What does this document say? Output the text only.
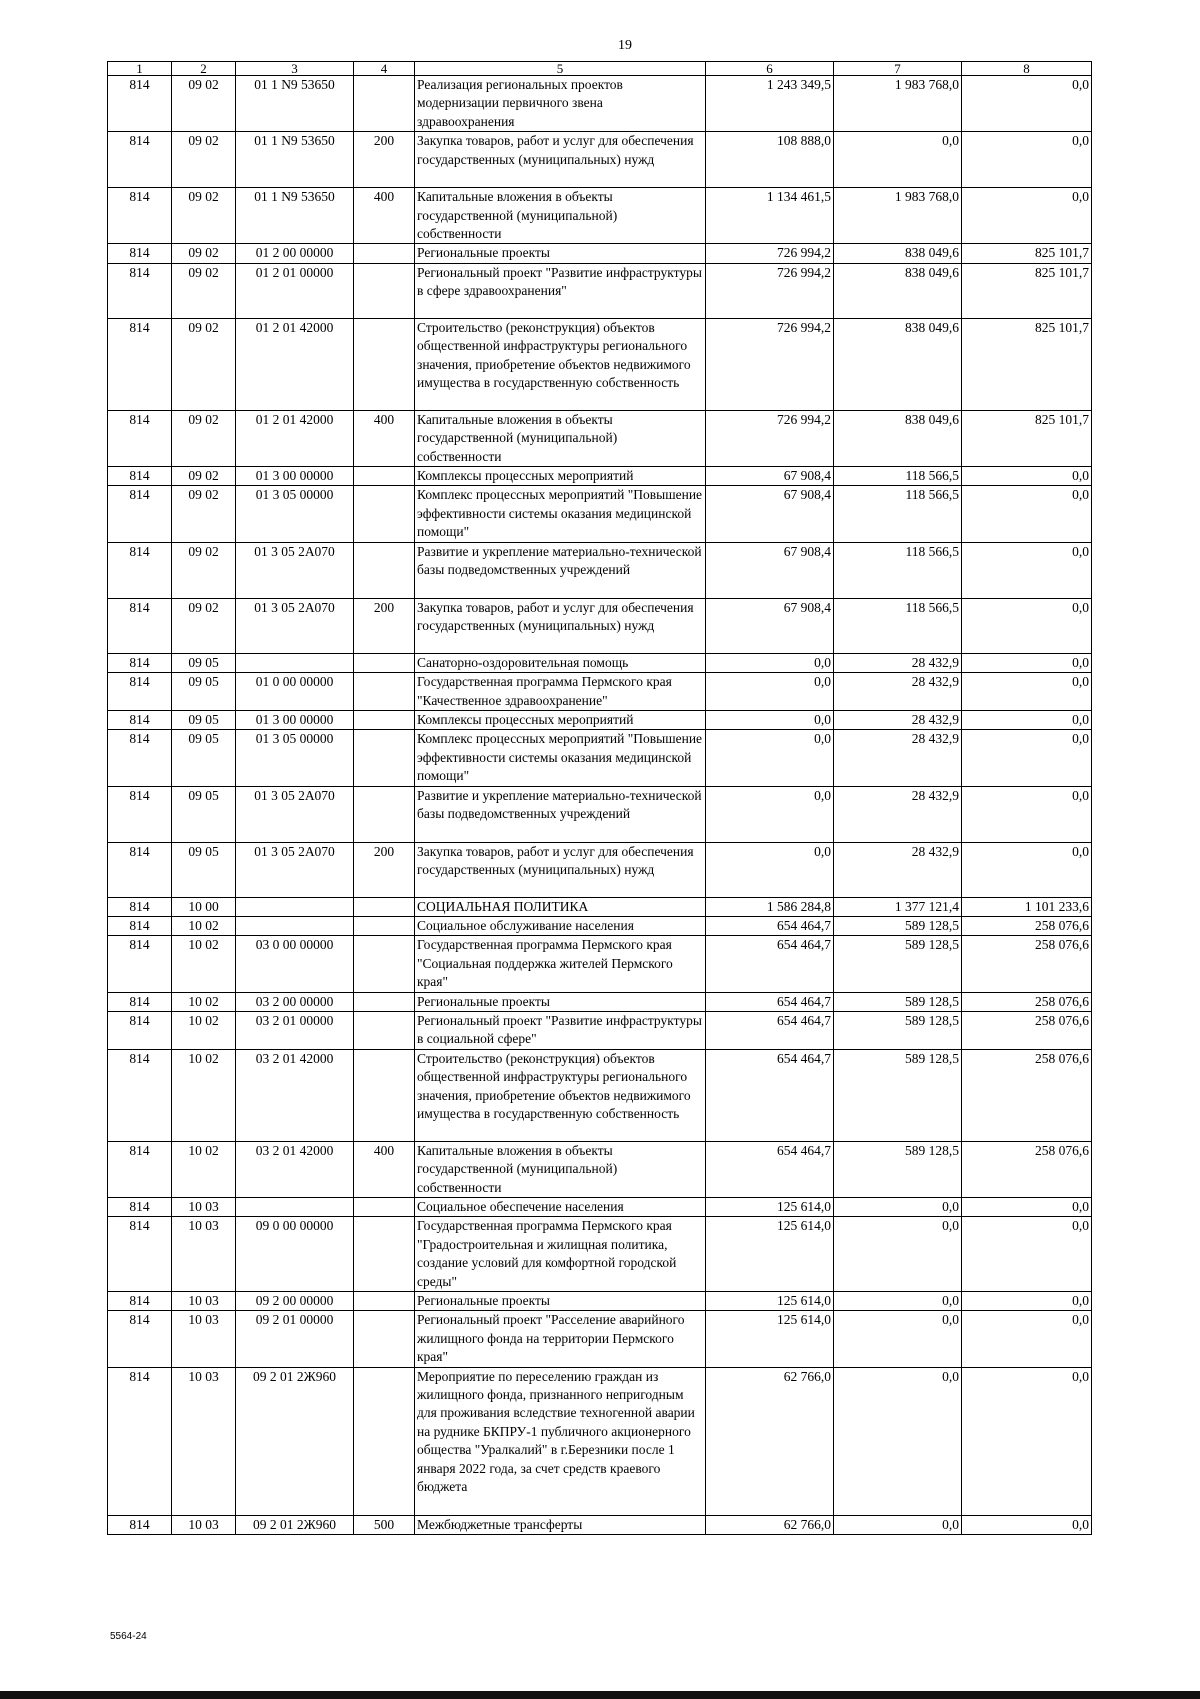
19
1	2	3	4	5	6	7	8
814	09 02	01 1 N9 53650		Реализация региональных проектов модернизации первичного звена здравоохранения	1 243 349,5	1 983 768,0	0,0
814	09 02	01 1 N9 53650	200	Закупка товаров, работ и услуг для обеспечения государственных (муниципальных) нужд	108 888,0	0,0	0,0
814	09 02	01 1 N9 53650	400	Капитальные вложения в объекты государственной (муниципальной) собственности	1 134 461,5	1 983 768,0	0,0
814	09 02	01 2 00 00000		Региональные проекты	726 994,2	838 049,6	825 101,7
814	09 02	01 2 01 00000		Региональный проект "Развитие инфраструктуры в сфере здравоохранения"	726 994,2	838 049,6	825 101,7
814	09 02	01 2 01 42000		Строительство (реконструкция) объектов общественной инфраструктуры регионального значения, приобретение объектов недвижимого имущества в государственную собственность	726 994,2	838 049,6	825 101,7
814	09 02	01 2 01 42000	400	Капитальные вложения в объекты государственной (муниципальной) собственности	726 994,2	838 049,6	825 101,7
814	09 02	01 3 00 00000		Комплексы процессных мероприятий	67 908,4	118 566,5	0,0
814	09 02	01 3 05 00000		Комплекс процессных мероприятий "Повышение эффективности системы оказания медицинской помощи"	67 908,4	118 566,5	0,0
814	09 02	01 3 05 2А070		Развитие и укрепление материально-технической базы подведомственных учреждений	67 908,4	118 566,5	0,0
814	09 02	01 3 05 2А070	200	Закупка товаров, работ и услуг для обеспечения государственных (муниципальных) нужд	67 908,4	118 566,5	0,0
814	09 05			Санаторно-оздоровительная помощь	0,0	28 432,9	0,0
814	09 05	01 0 00 00000		Государственная программа Пермского края "Качественное здравоохранение"	0,0	28 432,9	0,0
814	09 05	01 3 00 00000		Комплексы процессных мероприятий	0,0	28 432,9	0,0
814	09 05	01 3 05 00000		Комплекс процессных мероприятий "Повышение эффективности системы оказания медицинской помощи"	0,0	28 432,9	0,0
814	09 05	01 3 05 2А070		Развитие и укрепление материально-технической базы подведомственных учреждений	0,0	28 432,9	0,0
814	09 05	01 3 05 2А070	200	Закупка товаров, работ и услуг для обеспечения государственных (муниципальных) нужд	0,0	28 432,9	0,0
814	10 00			СОЦИАЛЬНАЯ ПОЛИТИКА	1 586 284,8	1 377 121,4	1 101 233,6
814	10 02			Социальное обслуживание населения	654 464,7	589 128,5	258 076,6
814	10 02	03 0 00 00000		Государственная программа Пермского края "Социальная поддержка жителей Пермского края"	654 464,7	589 128,5	258 076,6
814	10 02	03 2 00 00000		Региональные проекты	654 464,7	589 128,5	258 076,6
814	10 02	03 2 01 00000		Региональный проект "Развитие инфраструктуры в социальной сфере"	654 464,7	589 128,5	258 076,6
814	10 02	03 2 01 42000		Строительство (реконструкция) объектов общественной инфраструктуры регионального значения, приобретение объектов недвижимого имущества в государственную собственность	654 464,7	589 128,5	258 076,6
814	10 02	03 2 01 42000	400	Капитальные вложения в объекты государственной (муниципальной) собственности	654 464,7	589 128,5	258 076,6
814	10 03			Социальное обеспечение населения	125 614,0	0,0	0,0
814	10 03	09 0 00 00000		Государственная программа Пермского края "Градостроительная и жилищная политика, создание условий для комфортной городской среды"	125 614,0	0,0	0,0
814	10 03	09 2 00 00000		Региональные проекты	125 614,0	0,0	0,0
814	10 03	09 2 01 00000		Региональный проект "Расселение аварийного жилищного фонда на территории Пермского края"	125 614,0	0,0	0,0
814	10 03	09 2 01 2Ж960		Мероприятие по переселению граждан из жилищного фонда, признанного непригодным для проживания вследствие техногенной аварии на руднике БКПРУ-1 публичного акционерного общества "Уралкалий" в г.Березники после 1 января 2022 года, за счет средств краевого бюджета	62 766,0	0,0	0,0
814	10 03	09 2 01 2Ж960	500	Межбюджетные трансферты	62 766,0	0,0	0,0
5564-24
